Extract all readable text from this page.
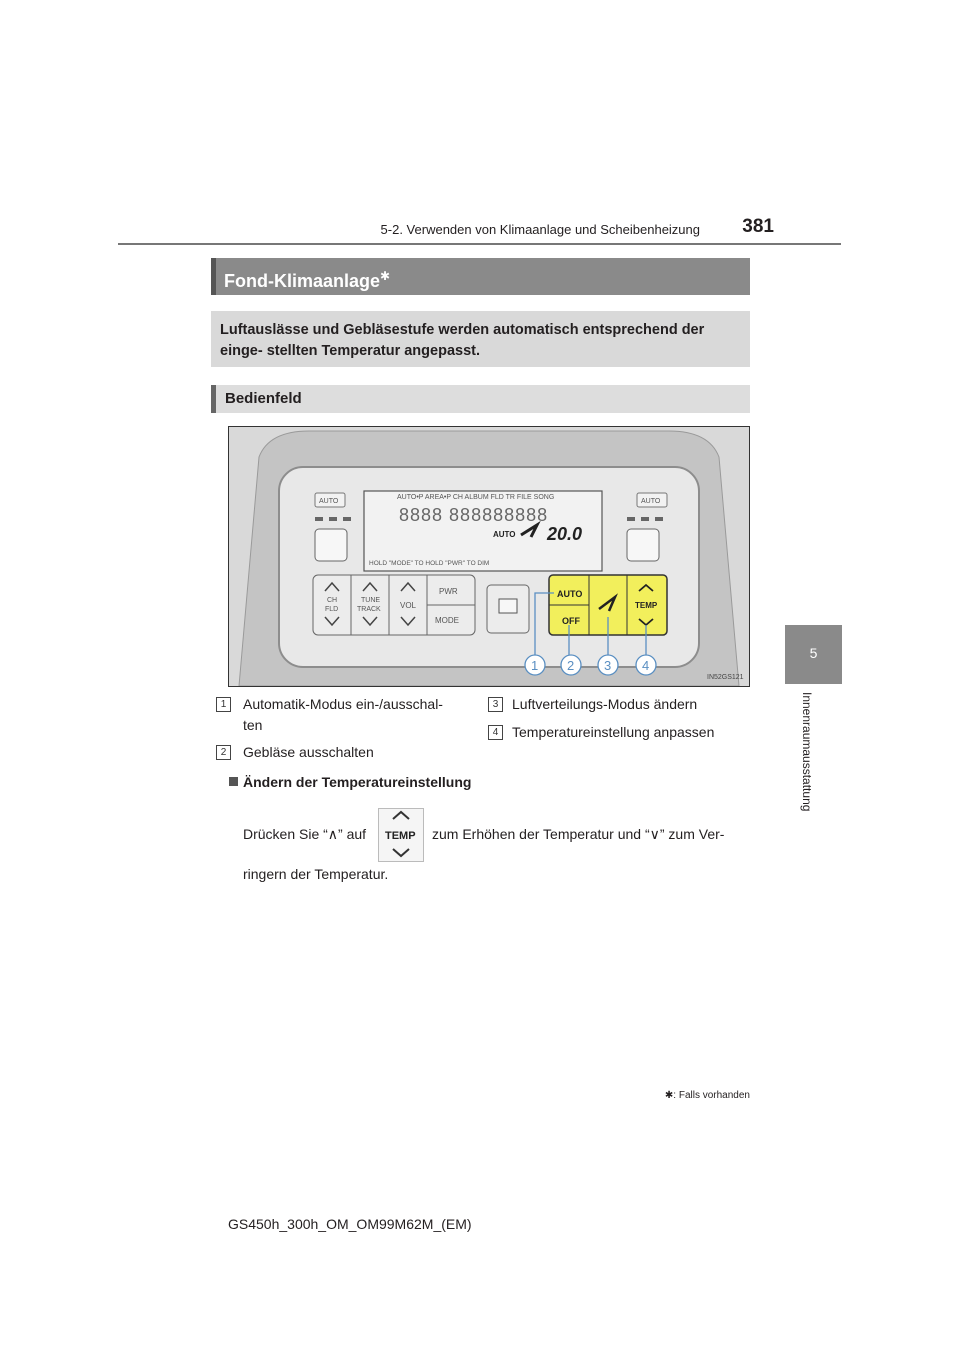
5-2. Verwenden von Klimaanlage und Scheibenheizung	381
5
Innenraumausstattung
Fond-Klimaanlage✱
Luftauslässe und Gebläsestufe werden automatisch entsprechend der einge- stellten Temperatur angepasst.
Bedienfeld
AUTO•P AREA•P CH ALBUM FLD TR FILE SONG
8888 888888888
AUTO 20.0
HOLD "MODE" TO HOLD "PWR" TO DIM
AUTO	AUTO
CH
FLD
TUNE
TRACK VOL
PWR
MODE
AUTO
OFF
TEMP
1 2 3 4
IN52GS121
1	Automatik-Modus ein-/ausschal- ten
2	Gebläse ausschalten
3 Luftverteilungs-Modus ändern
4 Temperatureinstellung anpassen
Ändern der Temperatureinstellung
Drücken Sie “∧” auf TEMP zum Erhöhen der Temperatur und “∨” zum Ver-
ringern der Temperatur.
✱: Falls vorhanden
GS450h_300h_OM_OM99M62M_(EM)
